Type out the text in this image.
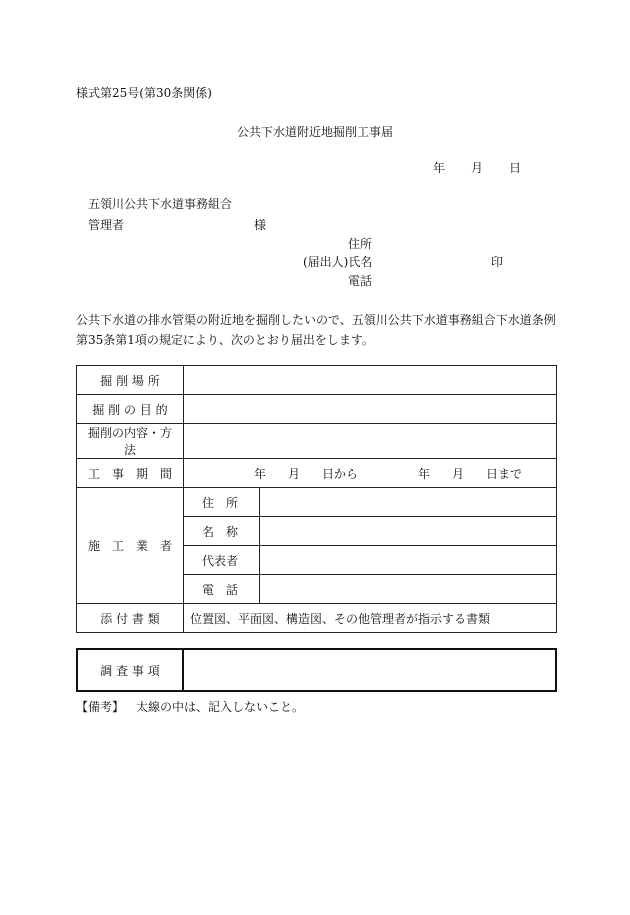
様式第25号(第30条関係)
公共下水道附近地掘削工事届
年 月 日
五領川公共下水道事務組合
管理者	様
住所
(届出人)氏名	印
電話
公共下水道の排水管渠の附近地を掘削したいので、五領川公共下水道事務組合下水道条例第35条第1項の規定により、次のとおり届出をします。
掘 削 場 所		
掘 削 の 目 的		
掘削の内容・方法		
工　事　期　間	年 月 日から 年 月 日まで	

施　工　業　者	住　所	
	名　称	
	代表者	
	電　話	
添 付 書 類	位置図、平面図、構造図、その他管理者が指示する書類	
調 査 事 項	
【備考】 太線の中は、記入しないこと。
